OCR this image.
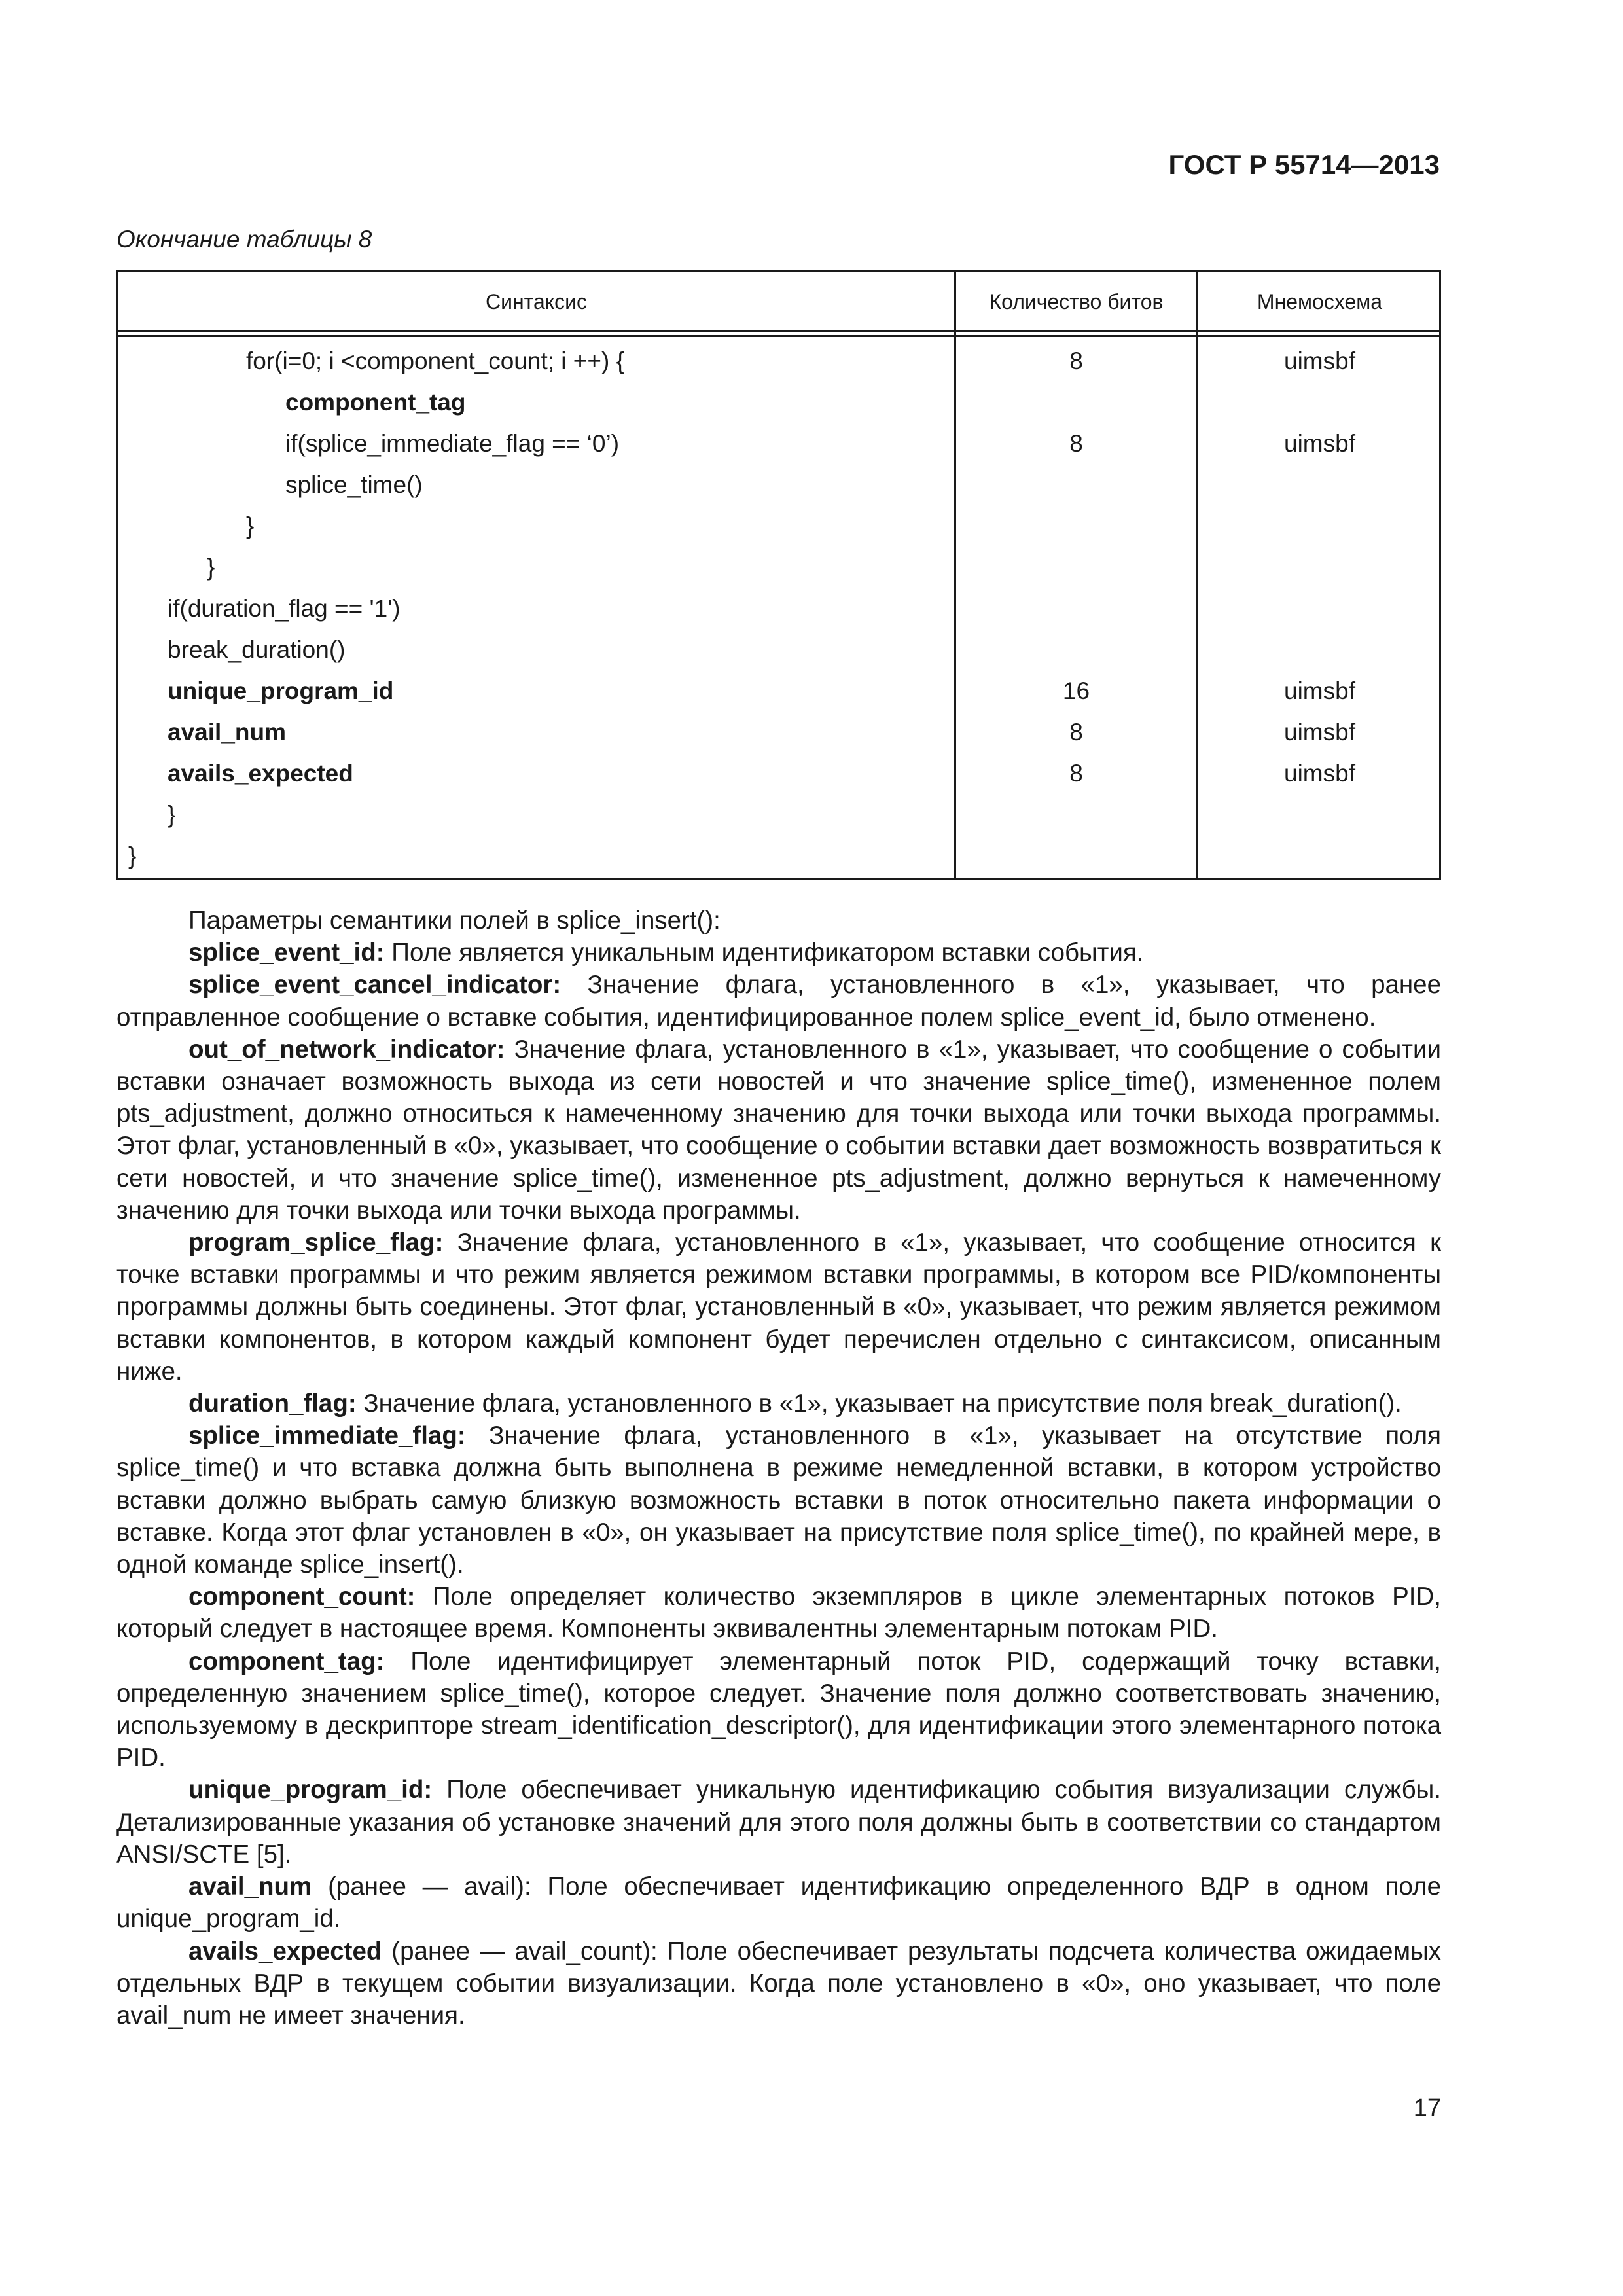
ГОСТ Р 55714—2013
Окончание таблицы 8
Синтаксис	Количество битов	Мнемосхема
for(i=0; i <component_count; i ++) {	8	uimsbf
component_tag
if(splice_immediate_flag == ‘0’)	8	uimsbf
splice_time()
}
}
if(duration_flag == '1')
break_duration()
unique_program_id	16	uimsbf
avail_num	8	uimsbf
avails_expected	8	uimsbf
}
}

Параметры семантики полей в splice_insert():

splice_event_id: Поле является уникальным идентификатором вставки события.

splice_event_cancel_indicator: Значение флага, установленного в «1», указывает, что ранее отправленное сообщение о вставке события, идентифицированное полем splice_event_id, было отменено.

out_of_network_indicator: Значение флага, установленного в «1», указывает, что сообщение о событии вставки означает возможность выхода из сети новостей и что значение splice_time(), измененное полем pts_adjustment, должно относиться к намеченному значению для точки выхода или точки выхода программы. Этот флаг, установленный в «0», указывает, что сообщение о событии вставки дает возможность возвратиться к сети новостей, и что значение splice_time(), измененное pts_adjustment, должно вернуться к намеченному значению для точки выхода или точки выхода программы.

program_splice_flag: Значение флага, установленного в «1», указывает, что сообщение относится к точке вставки программы и что режим является режимом вставки программы, в котором все PID/компоненты программы должны быть соединены. Этот флаг, установленный в «0», указывает, что режим является режимом вставки компонентов, в котором каждый компонент будет перечислен отдельно с синтаксисом, описанным ниже.

duration_flag: Значение флага, установленного в «1», указывает на присутствие поля break_duration().

splice_immediate_flag: Значение флага, установленного в «1», указывает на отсутствие поля splice_time() и что вставка должна быть выполнена в режиме немедленной вставки, в котором устройство вставки должно выбрать самую близкую возможность вставки в поток относительно пакета информации о вставке. Когда этот флаг установлен в «0», он указывает на присутствие поля splice_time(), по крайней мере, в одной команде splice_insert().

component_count: Поле определяет количество экземпляров в цикле элементарных потоков PID, который следует в настоящее время. Компоненты эквивалентны элементарным потокам PID.

component_tag: Поле идентифицирует элементарный поток PID, содержащий точку вставки, определенную значением splice_time(), которое следует. Значение поля должно соответствовать значению, используемому в дескрипторе stream_identification_descriptor(), для идентификации этого элементарного потока PID.

unique_program_id: Поле обеспечивает уникальную идентификацию события визуализации службы. Детализированные указания об установке значений для этого поля должны быть в соответствии со стандартом ANSI/SCTE [5].

avail_num (ранее — avail): Поле обеспечивает идентификацию определенного ВДР в одном поле unique_program_id.

avails_expected (ранее — avail_count): Поле обеспечивает результаты подсчета количества ожидаемых отдельных ВДР в текущем событии визуализации. Когда поле установлено в «0», оно указывает, что поле avail_num не имеет значения.

17
